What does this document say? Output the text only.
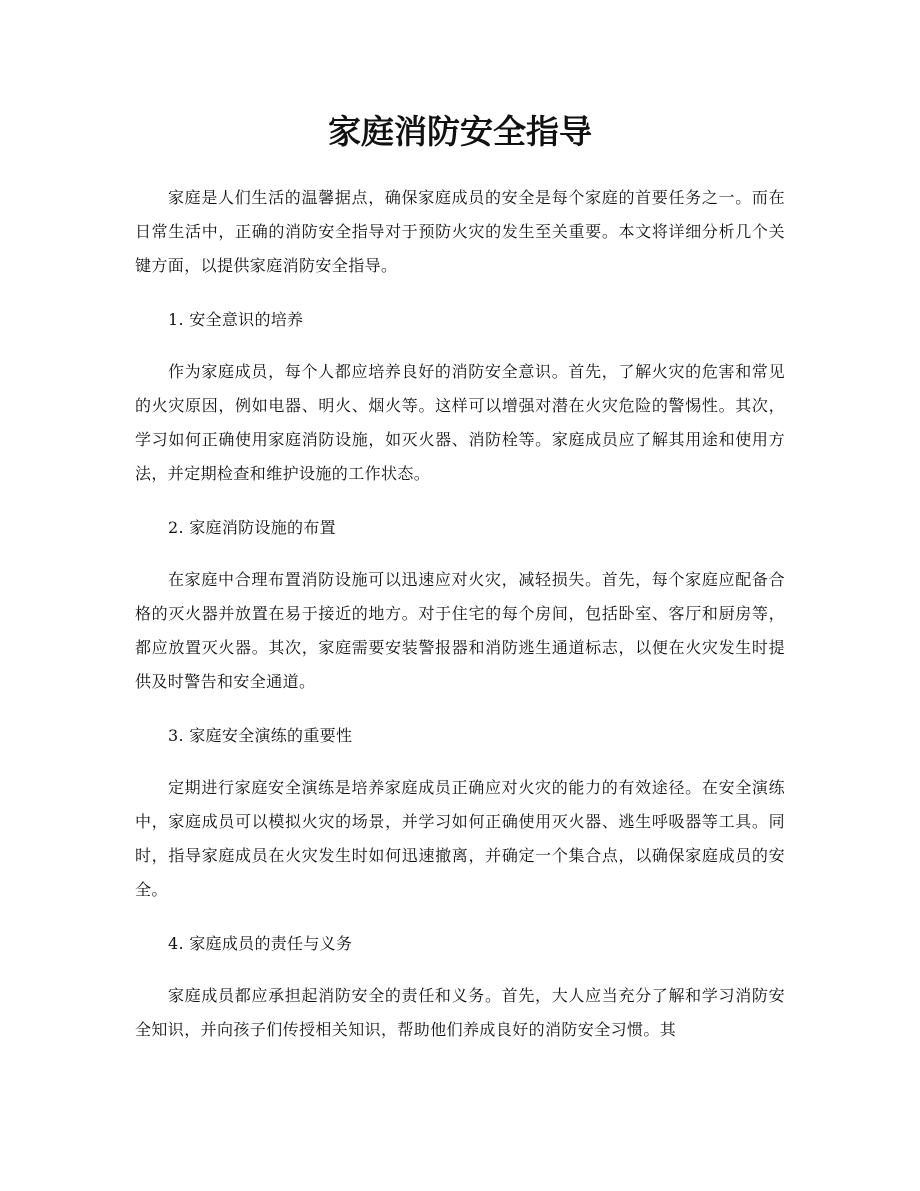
家庭消防安全指导

家庭是人们生活的温馨据点，确保家庭成员的安全是每个家庭的首要任务之一。而在日常生活中，正确的消防安全指导对于预防火灾的发生至关重要。本文将详细分析几个关键方面，以提供家庭消防安全指导。

1. 安全意识的培养

作为家庭成员，每个人都应培养良好的消防安全意识。首先，了解火灾的危害和常见的火灾原因，例如电器、明火、烟火等。这样可以增强对潜在火灾危险的警惕性。其次，学习如何正确使用家庭消防设施，如灭火器、消防栓等。家庭成员应了解其用途和使用方法，并定期检查和维护设施的工作状态。

2. 家庭消防设施的布置

在家庭中合理布置消防设施可以迅速应对火灾，减轻损失。首先，每个家庭应配备合格的灭火器并放置在易于接近的地方。对于住宅的每个房间，包括卧室、客厅和厨房等，都应放置灭火器。其次，家庭需要安装警报器和消防逃生通道标志，以便在火灾发生时提供及时警告和安全通道。

3. 家庭安全演练的重要性

定期进行家庭安全演练是培养家庭成员正确应对火灾的能力的有效途径。在安全演练中，家庭成员可以模拟火灾的场景，并学习如何正确使用灭火器、逃生呼吸器等工具。同时，指导家庭成员在火灾发生时如何迅速撤离，并确定一个集合点，以确保家庭成员的安全。

4. 家庭成员的责任与义务

家庭成员都应承担起消防安全的责任和义务。首先，大人应当充分了解和学习消防安全知识，并向孩子们传授相关知识，帮助他们养成良好的消防安全习惯。其
